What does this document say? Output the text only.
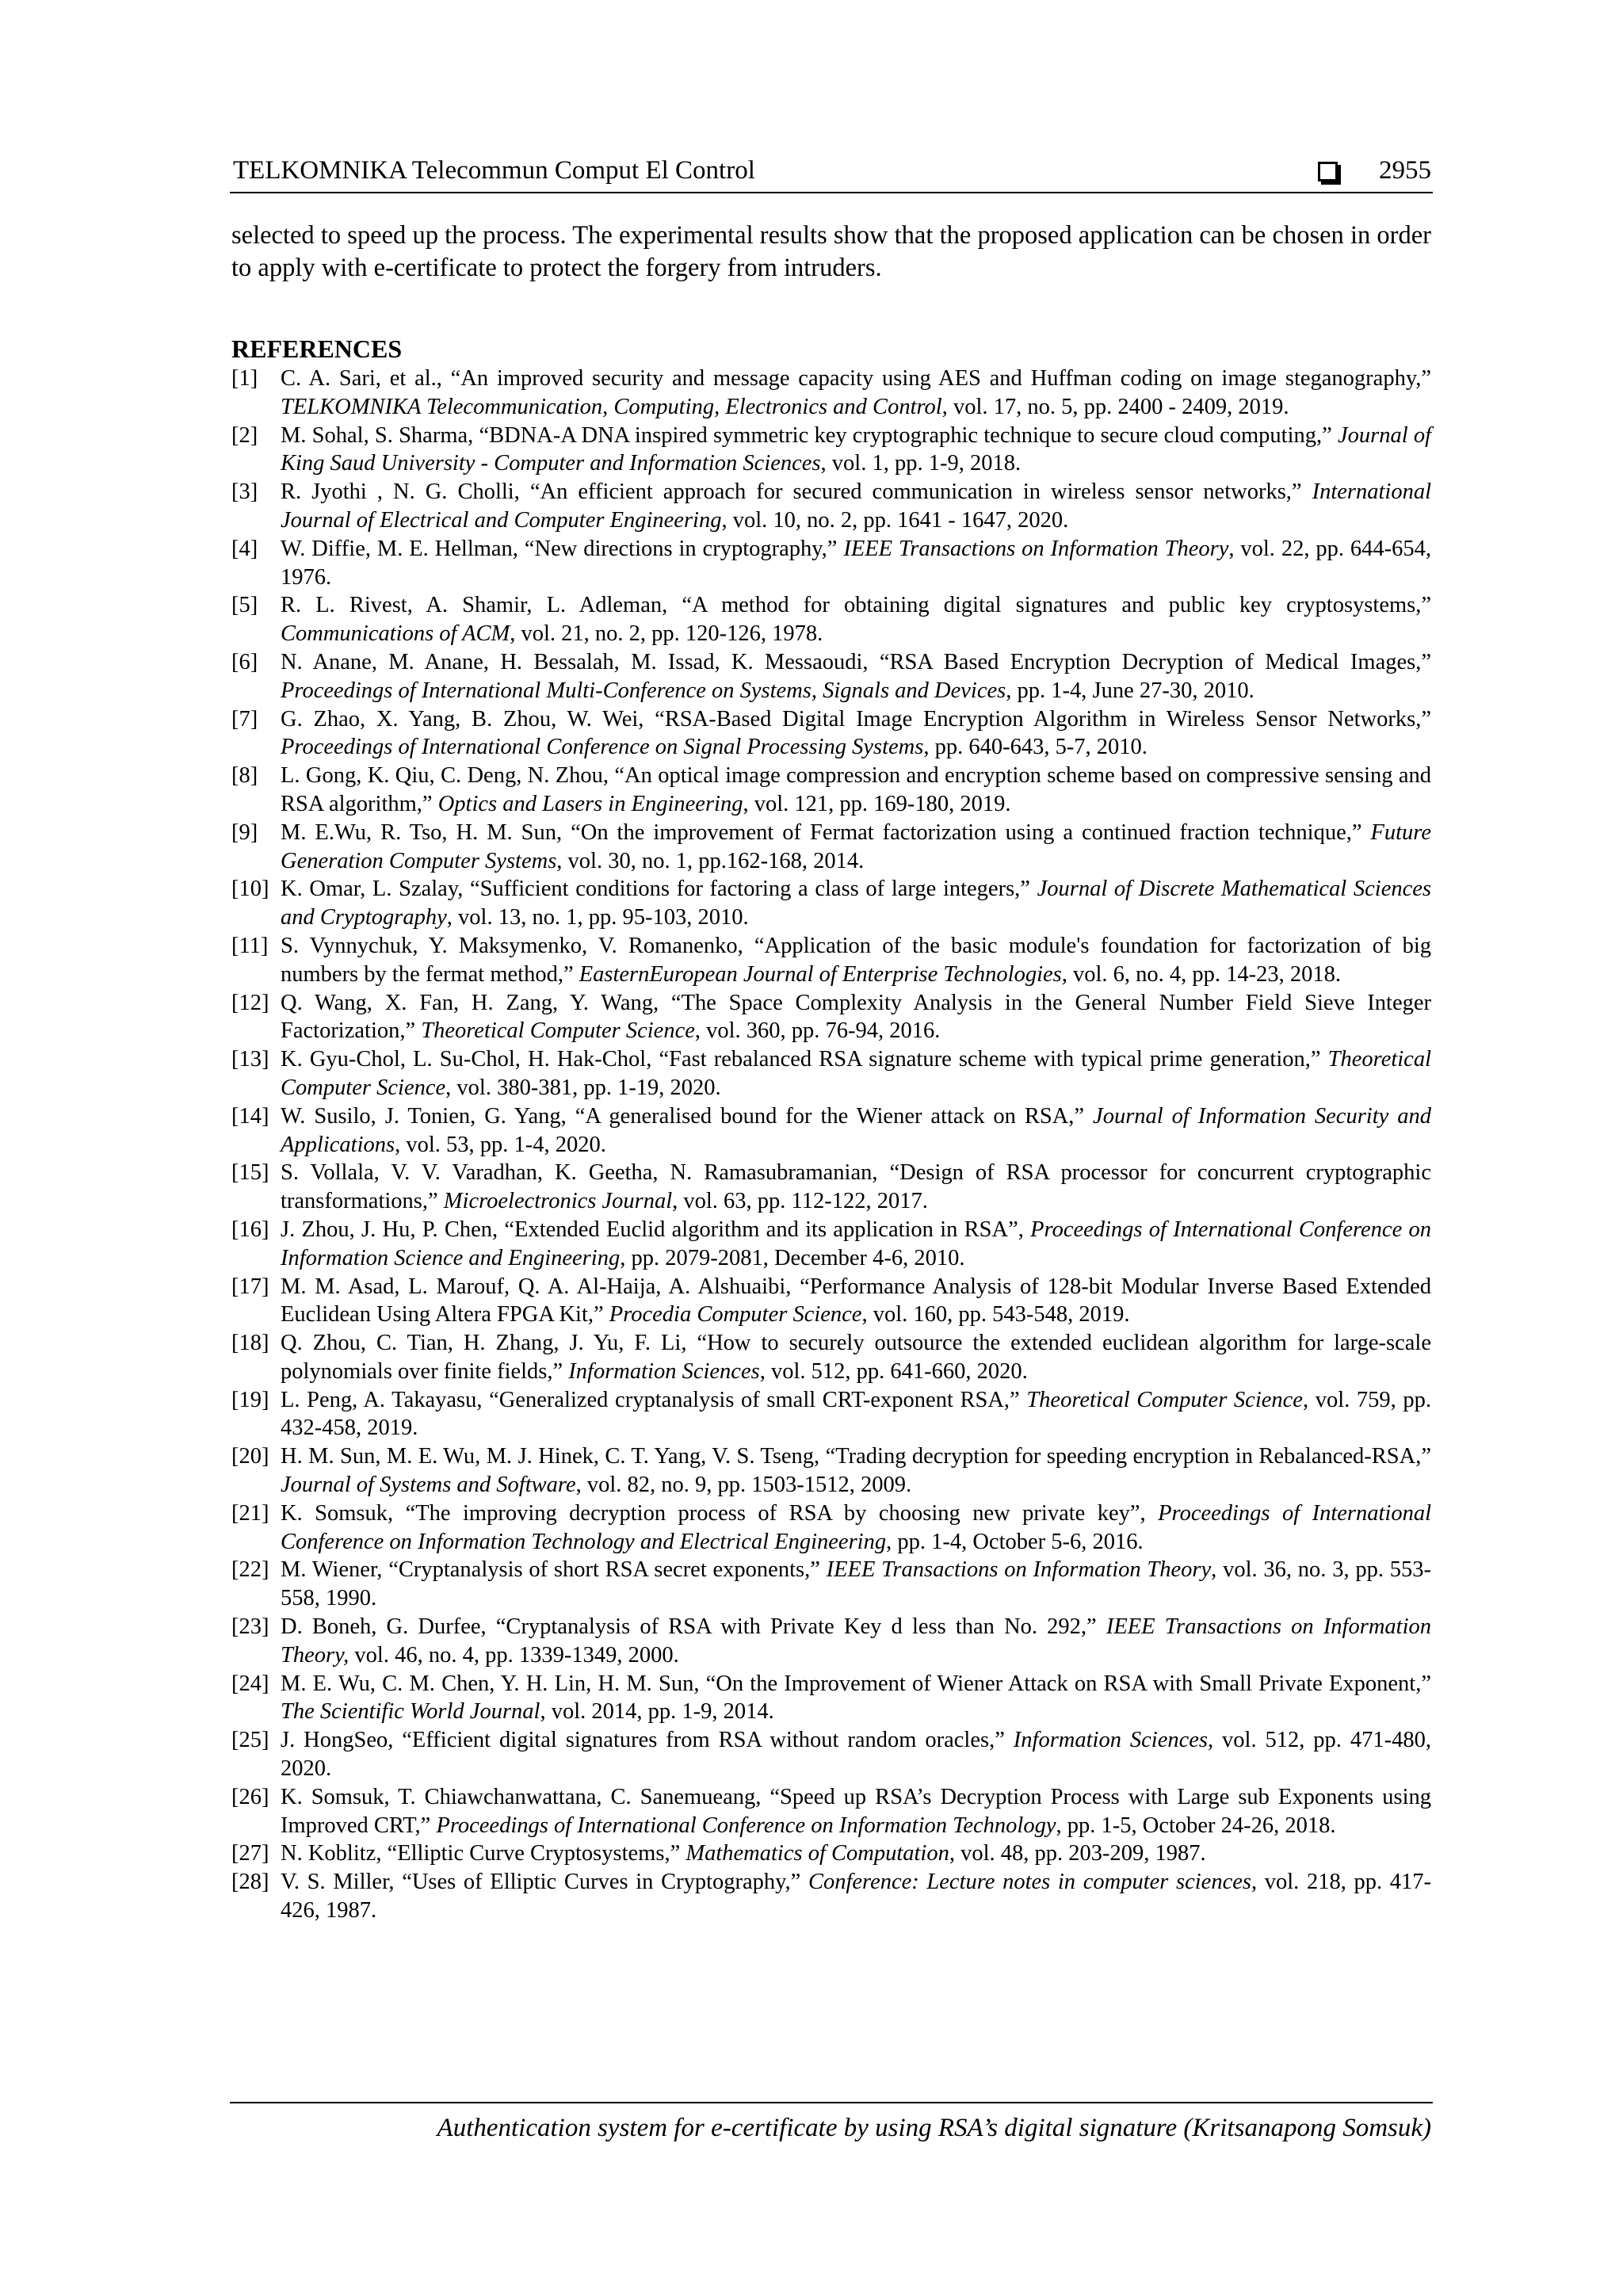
TELKOMNIKA Telecommun Comput El Control	2955

selected to speed up the process. The experimental results show that the proposed application can be chosen in order to apply with e-certificate to protect the forgery from intruders.

REFERENCES
[1] C. A. Sari, et al., “An improved security and message capacity using AES and Huffman coding on image steganography,” TELKOMNIKA Telecommunication, Computing, Electronics and Control, vol. 17, no. 5, pp. 2400 - 2409, 2019.
[2] M. Sohal, S. Sharma, “BDNA-A DNA inspired symmetric key cryptographic technique to secure cloud computing,” Journal of King Saud University - Computer and Information Sciences, vol. 1, pp. 1-9, 2018.
[3] R. Jyothi , N. G. Cholli, “An efficient approach for secured communication in wireless sensor networks,” International Journal of Electrical and Computer Engineering, vol. 10, no. 2, pp. 1641 - 1647, 2020.
[4] W. Diffie, M. E. Hellman, “New directions in cryptography,” IEEE Transactions on Information Theory, vol. 22, pp. 644-654, 1976.
[5] R. L. Rivest, A. Shamir, L. Adleman, “A method for obtaining digital signatures and public key cryptosystems,” Communications of ACM, vol. 21, no. 2, pp. 120-126, 1978.
[6] N. Anane, M. Anane, H. Bessalah, M. Issad, K. Messaoudi, “RSA Based Encryption Decryption of Medical Images,” Proceedings of International Multi-Conference on Systems, Signals and Devices, pp. 1-4, June 27-30, 2010.
[7] G. Zhao, X. Yang, B. Zhou, W. Wei, “RSA-Based Digital Image Encryption Algorithm in Wireless Sensor Networks,” Proceedings of International Conference on Signal Processing Systems, pp. 640-643, 5-7, 2010.
[8] L. Gong, K. Qiu, C. Deng, N. Zhou, “An optical image compression and encryption scheme based on compressive sensing and RSA algorithm,” Optics and Lasers in Engineering, vol. 121, pp. 169-180, 2019.
[9] M. E.Wu, R. Tso, H. M. Sun, “On the improvement of Fermat factorization using a continued fraction technique,” Future Generation Computer Systems, vol. 30, no. 1, pp.162-168, 2014.
[10] K. Omar, L. Szalay, “Sufficient conditions for factoring a class of large integers,” Journal of Discrete Mathematical Sciences and Cryptography, vol. 13, no. 1, pp. 95-103, 2010.
[11] S. Vynnychuk, Y. Maksymenko, V. Romanenko, “Application of the basic module's foundation for factorization of big numbers by the fermat method,” EasternEuropean Journal of Enterprise Technologies, vol. 6, no. 4, pp. 14-23, 2018.
[12] Q. Wang, X. Fan, H. Zang, Y. Wang, “The Space Complexity Analysis in the General Number Field Sieve Integer Factorization,” Theoretical Computer Science, vol. 360, pp. 76-94, 2016.
[13] K. Gyu-Chol, L. Su-Chol, H. Hak-Chol, “Fast rebalanced RSA signature scheme with typical prime generation,” Theoretical Computer Science, vol. 380-381, pp. 1-19, 2020.
[14] W. Susilo, J. Tonien, G. Yang, “A generalised bound for the Wiener attack on RSA,” Journal of Information Security and Applications, vol. 53, pp. 1-4, 2020.
[15] S. Vollala, V. V. Varadhan, K. Geetha, N. Ramasubramanian, “Design of RSA processor for concurrent cryptographic transformations,” Microelectronics Journal, vol. 63, pp. 112-122, 2017.
[16] J. Zhou, J. Hu, P. Chen, “Extended Euclid algorithm and its application in RSA”, Proceedings of International Conference on Information Science and Engineering, pp. 2079-2081, December 4-6, 2010.
[17] M. M. Asad, L. Marouf, Q. A. Al-Haija, A. Alshuaibi, “Performance Analysis of 128-bit Modular Inverse Based Extended Euclidean Using Altera FPGA Kit,” Procedia Computer Science, vol. 160, pp. 543-548, 2019.
[18] Q. Zhou, C. Tian, H. Zhang, J. Yu, F. Li, “How to securely outsource the extended euclidean algorithm for large-scale polynomials over finite fields,” Information Sciences, vol. 512, pp. 641-660, 2020.
[19] L. Peng, A. Takayasu, “Generalized cryptanalysis of small CRT-exponent RSA,” Theoretical Computer Science, vol. 759, pp. 432-458, 2019.
[20] H. M. Sun, M. E. Wu, M. J. Hinek, C. T. Yang, V. S. Tseng, “Trading decryption for speeding encryption in Rebalanced-RSA,” Journal of Systems and Software, vol. 82, no. 9, pp. 1503-1512, 2009.
[21] K. Somsuk, “The improving decryption process of RSA by choosing new private key”, Proceedings of International Conference on Information Technology and Electrical Engineering, pp. 1-4, October 5-6, 2016.
[22] M. Wiener, “Cryptanalysis of short RSA secret exponents,” IEEE Transactions on Information Theory, vol. 36, no. 3, pp. 553-558, 1990.
[23] D. Boneh, G. Durfee, “Cryptanalysis of RSA with Private Key d less than No. 292,” IEEE Transactions on Information Theory, vol. 46, no. 4, pp. 1339-1349, 2000.
[24] M. E. Wu, C. M. Chen, Y. H. Lin, H. M. Sun, “On the Improvement of Wiener Attack on RSA with Small Private Exponent,” The Scientific World Journal, vol. 2014, pp. 1-9, 2014.
[25] J. HongSeo, “Efficient digital signatures from RSA without random oracles,” Information Sciences, vol. 512, pp. 471-480, 2020.
[26] K. Somsuk, T. Chiawchanwattana, C. Sanemueang, “Speed up RSA’s Decryption Process with Large sub Exponents using Improved CRT,” Proceedings of International Conference on Information Technology, pp. 1-5, October 24-26, 2018.
[27] N. Koblitz, “Elliptic Curve Cryptosystems,” Mathematics of Computation, vol. 48, pp. 203-209, 1987.
[28] V. S. Miller, “Uses of Elliptic Curves in Cryptography,” Conference: Lecture notes in computer sciences, vol. 218, pp. 417-426, 1987.
Authentication system for e-certificate by using RSA’s digital signature (Kritsanapong Somsuk)
